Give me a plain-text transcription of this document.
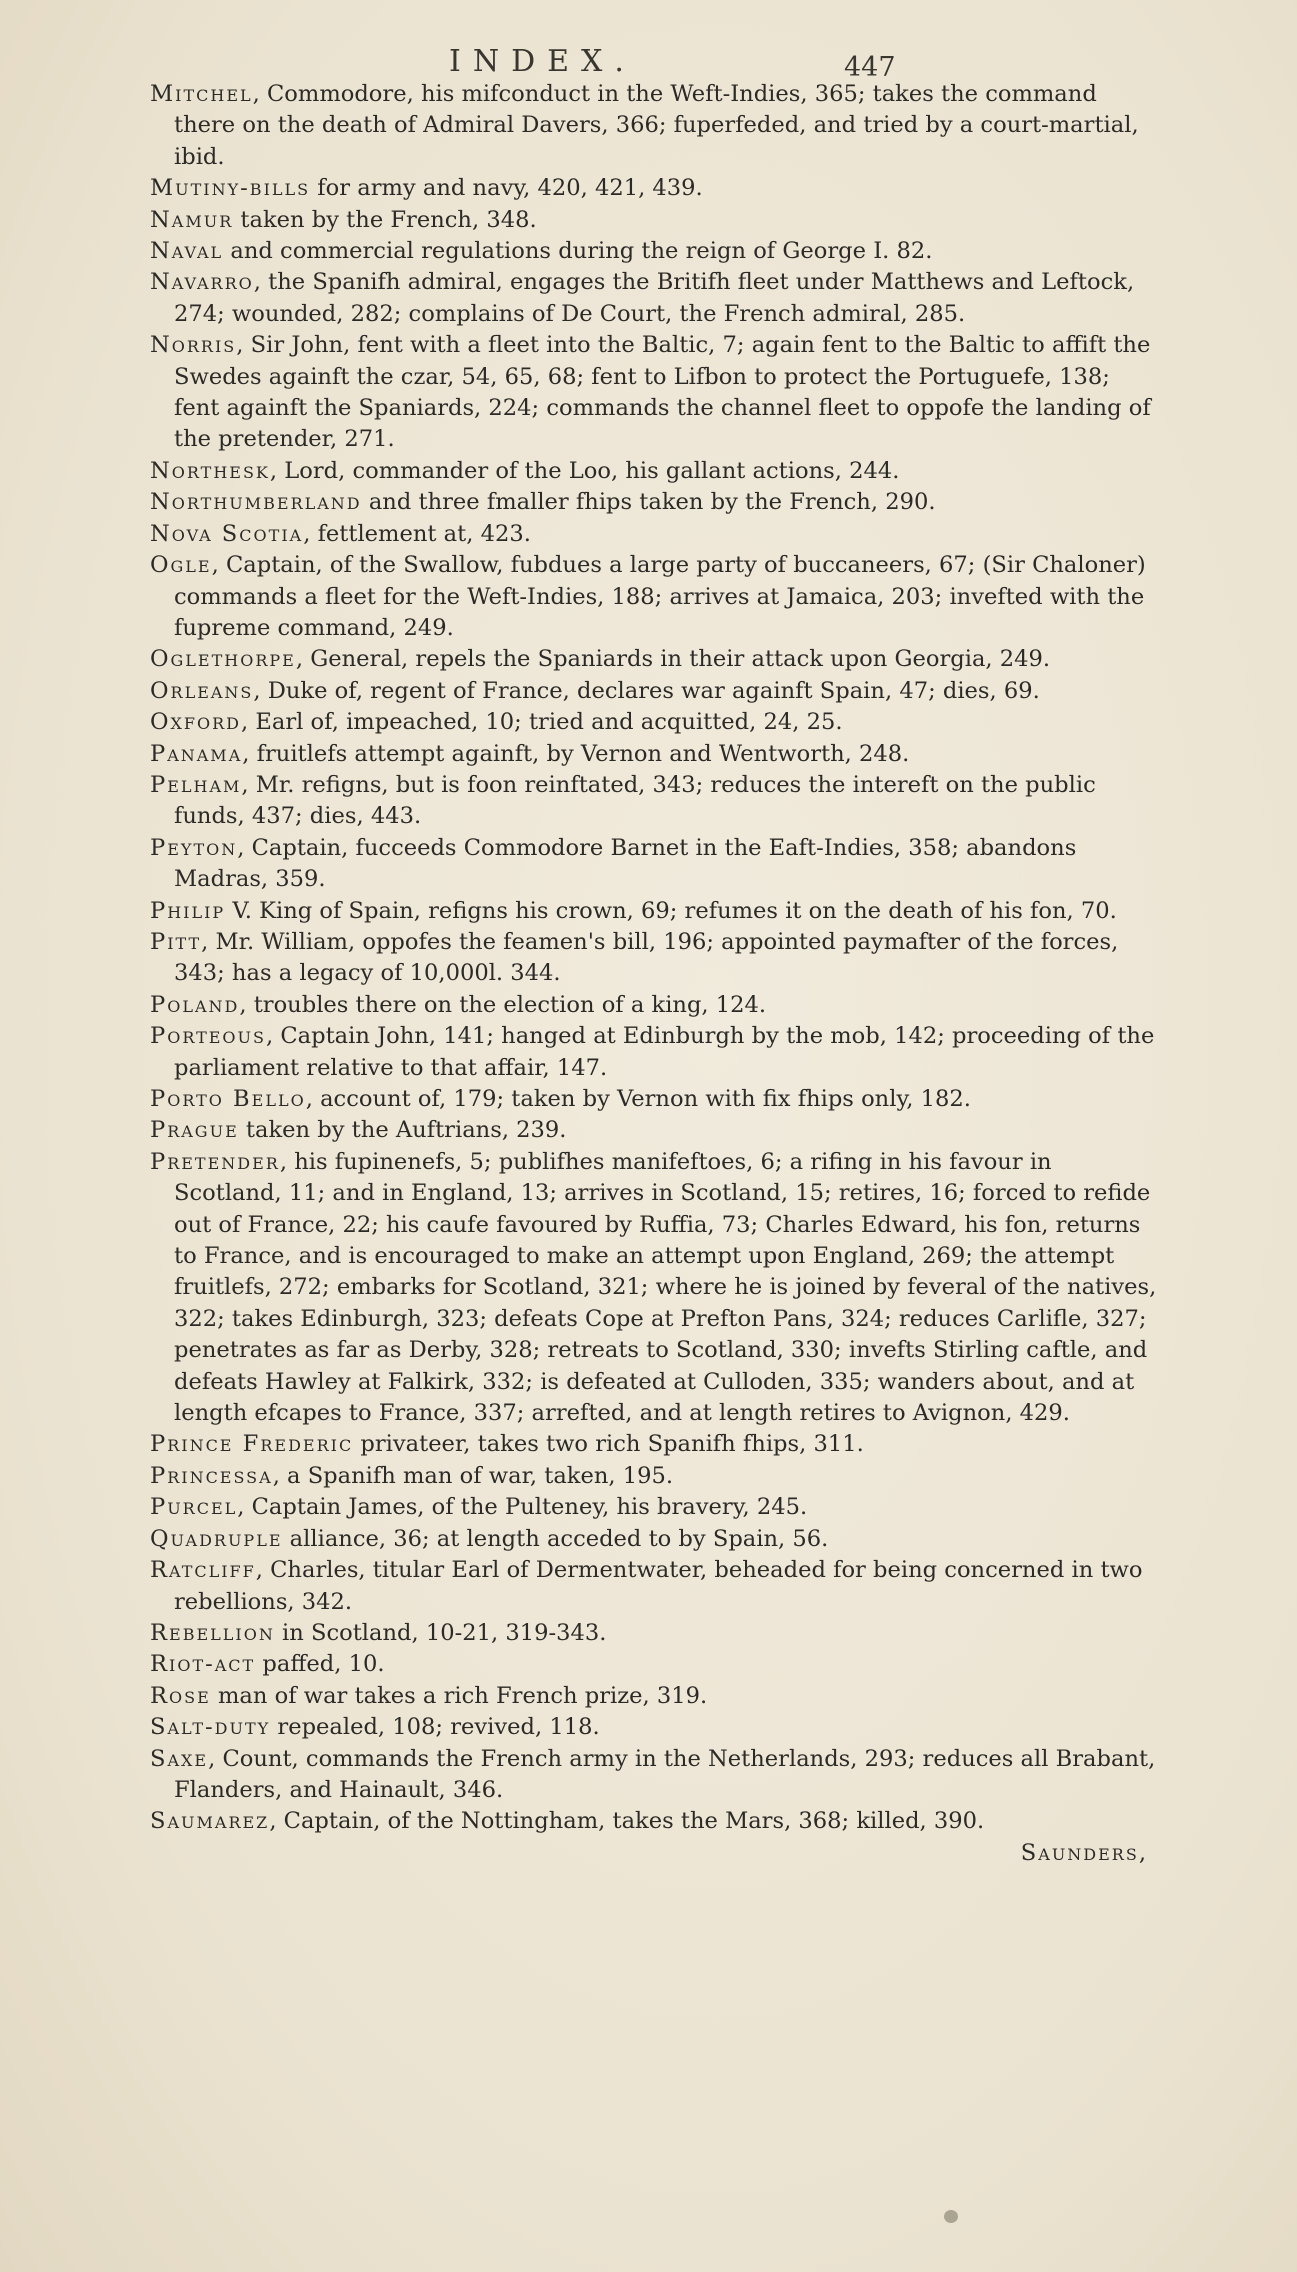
INDEX.	447

Mitchel, Commodore, his mifconduct in the Weft-Indies, 365; takes the command there on the death of Admiral Davers, 366; fuperfeded, and tried by a court-martial, ibid.

Mutiny-bills for army and navy, 420, 421, 439.

Namur taken by the French, 348.

Naval and commercial regulations during the reign of George I. 82.

Navarro, the Spanifh admiral, engages the Britifh fleet under Matthews and Leftock, 274; wounded, 282; complains of De Court, the French admiral, 285.

Norris, Sir John, fent with a fleet into the Baltic, 7; again fent to the Baltic to affift the Swedes againft the czar, 54, 65, 68; fent to Lifbon to protect the Portuguefe, 138; fent againft the Spaniards, 224; commands the channel fleet to oppofe the landing of the pretender, 271.

Northesk, Lord, commander of the Loo, his gallant actions, 244.

Northumberland and three fmaller fhips taken by the French, 290.

Nova Scotia, fettlement at, 423.

Ogle, Captain, of the Swallow, fubdues a large party of buccaneers, 67; (Sir Chaloner) commands a fleet for the Weft-Indies, 188; arrives at Jamaica, 203; invefted with the fupreme command, 249.

Oglethorpe, General, repels the Spaniards in their attack upon Georgia, 249.

Orleans, Duke of, regent of France, declares war againft Spain, 47; dies, 69.

Oxford, Earl of, impeached, 10; tried and acquitted, 24, 25.

Panama, fruitlefs attempt againft, by Vernon and Wentworth, 248.

Pelham, Mr. refigns, but is foon reinftated, 343; reduces the intereft on the public funds, 437; dies, 443.

Peyton, Captain, fucceeds Commodore Barnet in the Eaft-Indies, 358; abandons Madras, 359.

Philip V. King of Spain, refigns his crown, 69; refumes it on the death of his fon, 70.

Pitt, Mr. William, oppofes the feamen's bill, 196; appointed paymafter of the forces, 343; has a legacy of 10,000l. 344.

Poland, troubles there on the election of a king, 124.

Porteous, Captain John, 141; hanged at Edinburgh by the mob, 142; proceeding of the parliament relative to that affair, 147.

Porto Bello, account of, 179; taken by Vernon with fix fhips only, 182.

Prague taken by the Auftrians, 239.

Pretender, his fupinenefs, 5; publifhes manifeftoes, 6; a rifing in his favour in Scotland, 11; and in England, 13; arrives in Scotland, 15; retires, 16; forced to refide out of France, 22; his caufe favoured by Ruffia, 73; Charles Edward, his fon, returns to France, and is encouraged to make an attempt upon England, 269; the attempt fruitlefs, 272; embarks for Scotland, 321; where he is joined by feveral of the natives, 322; takes Edinburgh, 323; defeats Cope at Prefton Pans, 324; reduces Carlifle, 327; penetrates as far as Derby, 328; retreats to Scotland, 330; invefts Stirling caftle, and defeats Hawley at Falkirk, 332; is defeated at Culloden, 335; wanders about, and at length efcapes to France, 337; arrefted, and at length retires to Avignon, 429.

Prince Frederic privateer, takes two rich Spanifh fhips, 311.

Princessa, a Spanifh man of war, taken, 195.

Purcel, Captain James, of the Pulteney, his bravery, 245.

Quadruple alliance, 36; at length acceded to by Spain, 56.

Ratcliff, Charles, titular Earl of Dermentwater, beheaded for being concerned in two rebellions, 342.

Rebellion in Scotland, 10-21, 319-343.

Riot-act paffed, 10.

Rose man of war takes a rich French prize, 319.

Salt-duty repealed, 108; revived, 118.

Saxe, Count, commands the French army in the Netherlands, 293; reduces all Brabant, Flanders, and Hainault, 346.

Saumarez, Captain, of the Nottingham, takes the Mars, 368; killed, 390.

Saunders,
